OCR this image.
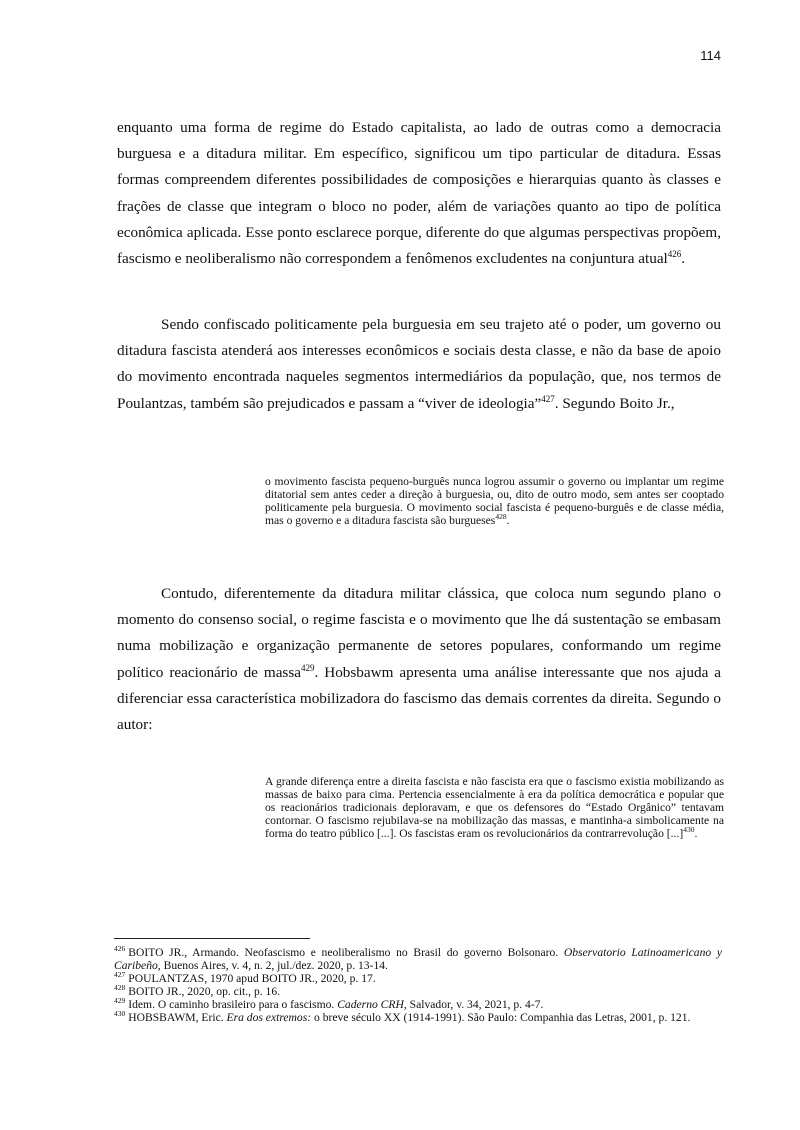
114

enquanto uma forma de regime do Estado capitalista, ao lado de outras como a democracia burguesa e a ditadura militar. Em específico, significou um tipo particular de ditadura. Essas formas compreendem diferentes possibilidades de composições e hierarquias quanto às classes e frações de classe que integram o bloco no poder, além de variações quanto ao tipo de política econômica aplicada. Esse ponto esclarece porque, diferente do que algumas perspectivas propõem, fascismo e neoliberalismo não correspondem a fenômenos excludentes na conjuntura atual$^{426}$.

Sendo confiscado politicamente pela burguesia em seu trajeto até o poder, um governo ou ditadura fascista atenderá aos interesses econômicos e sociais desta classe, e não da base de apoio do movimento encontrada naqueles segmentos intermediários da população, que, nos termos de Poulantzas, também são prejudicados e passam a “viver de ideologia”$^{427}$. Segundo Boito Jr.,

o movimento fascista pequeno-burguês nunca logrou assumir o governo ou implantar um regime ditatorial sem antes ceder a direção à burguesia, ou, dito de outro modo, sem antes ser cooptado politicamente pela burguesia. O movimento social fascista é pequeno-burguês e de classe média, mas o governo e a ditadura fascista são burgueses$^{428}$.

Contudo, diferentemente da ditadura militar clássica, que coloca num segundo plano o momento do consenso social, o regime fascista e o movimento que lhe dá sustentação se embasam numa mobilização e organização permanente de setores populares, conformando um regime político reacionário de massa$^{429}$. Hobsbawm apresenta uma análise interessante que nos ajuda a diferenciar essa característica mobilizadora do fascismo das demais correntes da direita. Segundo o autor:

A grande diferença entre a direita fascista e não fascista era que o fascismo existia mobilizando as massas de baixo para cima. Pertencia essencialmente à era da política democrática e popular que os reacionários tradicionais deploravam, e que os defensores do “Estado Orgânico” tentavam contornar. O fascismo rejubilava-se na mobilização das massas, e mantinha-a simbolicamente na forma do teatro público [...]. Os fascistas eram os revolucionários da contrarrevolução [...]$^{430}$.

$^{426}$ BOITO JR., Armando. Neofascismo e neoliberalismo no Brasil do governo Bolsonaro. Observatorio Latinoamericano y Caribeño, Buenos Aires, v. 4, n. 2, jul./dez. 2020, p. 13-14.

$^{427}$ POULANTZAS, 1970 apud BOITO JR., 2020, p. 17.

$^{428}$ BOITO JR., 2020, op. cit., p. 16.

$^{429}$ Idem. O caminho brasileiro para o fascismo. Caderno CRH, Salvador, v. 34, 2021, p. 4-7.

$^{430}$ HOBSBAWM, Eric. Era dos extremos: o breve século XX (1914-1991). São Paulo: Companhia das Letras, 2001, p. 121.
